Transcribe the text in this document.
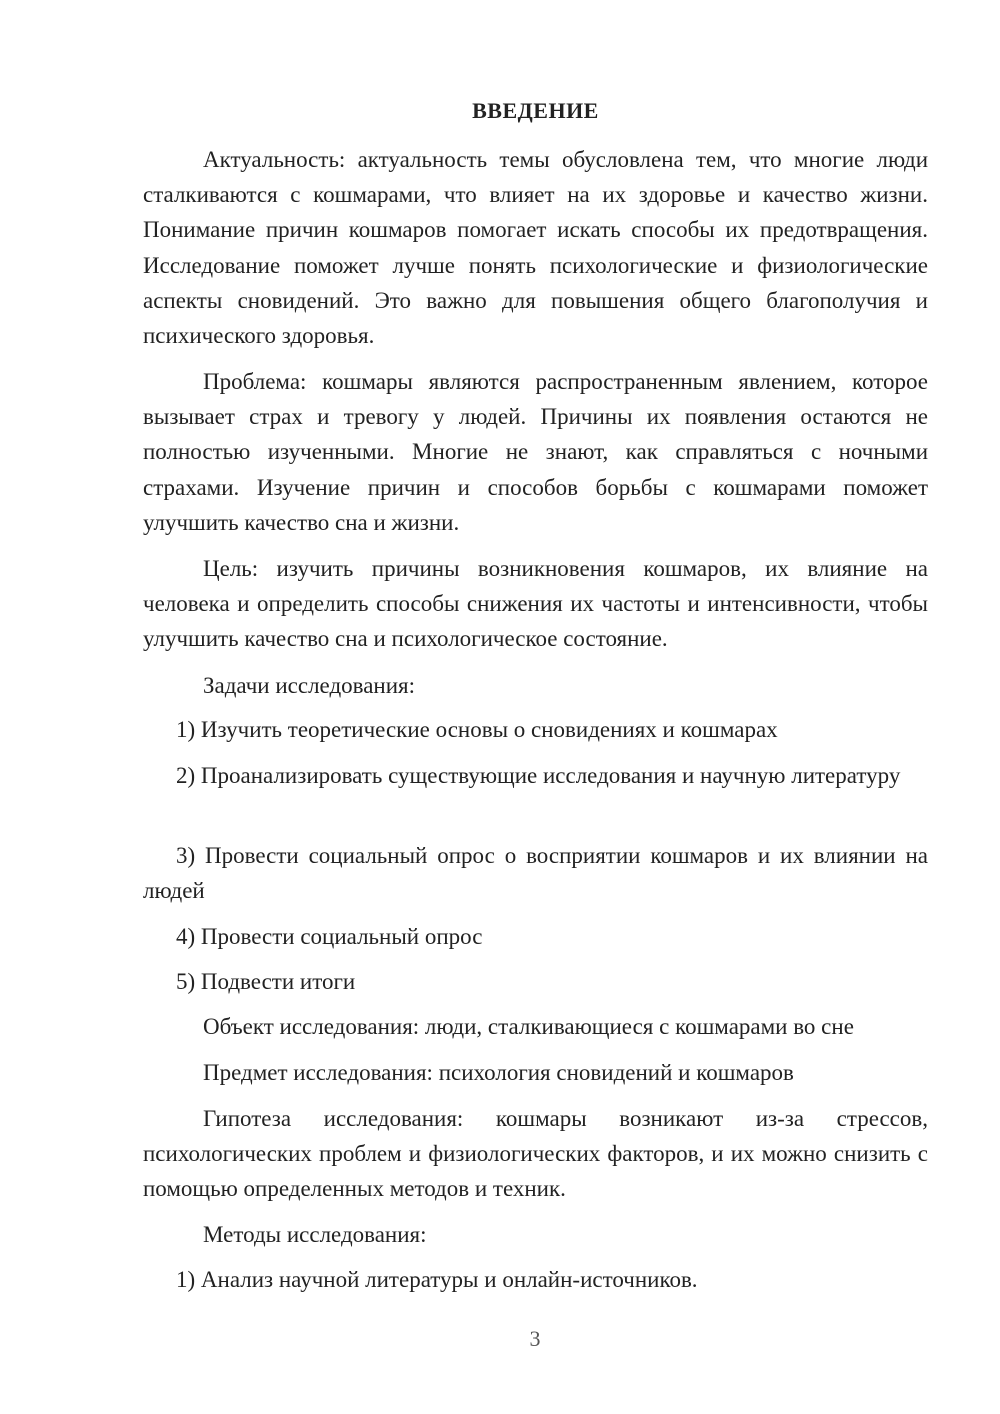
ВВЕДЕНИЕ

Актуальность: актуальность темы обусловлена тем, что многие люди сталкиваются с кошмарами, что влияет на их здоровье и качество жизни. Понимание причин кошмаров помогает искать способы их предотвращения. Исследование поможет лучше понять психологические и физиологические аспекты сновидений. Это важно для повышения общего благополучия и психического здоровья.

Проблема: кошмары являются распространенным явлением, которое вызывает страх и тревогу у людей. Причины их появления остаются не полностью изученными. Многие не знают, как справляться с ночными страхами. Изучение причин и способов борьбы с кошмарами поможет улучшить качество сна и жизни.

Цель: изучить причины возникновения кошмаров, их влияние на человека и определить способы снижения их частоты и интенсивности, чтобы улучшить качество сна и психологическое состояние.

Задачи исследования:

1) Изучить теоретические основы о сновидениях и кошмарах

2) Проанализировать существующие исследования и научную литературу

3) Провести социальный опрос о восприятии кошмаров и их влиянии на людей

4) Провести социальный опрос

5) Подвести итоги

Объект исследования: люди, сталкивающиеся с кошмарами во сне

Предмет исследования: психология сновидений и кошмаров

Гипотеза исследования: кошмары возникают из-за стрессов, психологических проблем и физиологических факторов, и их можно снизить с помощью определенных методов и техник.

Методы исследования:

1) Анализ научной литературы и онлайн-источников.

3
